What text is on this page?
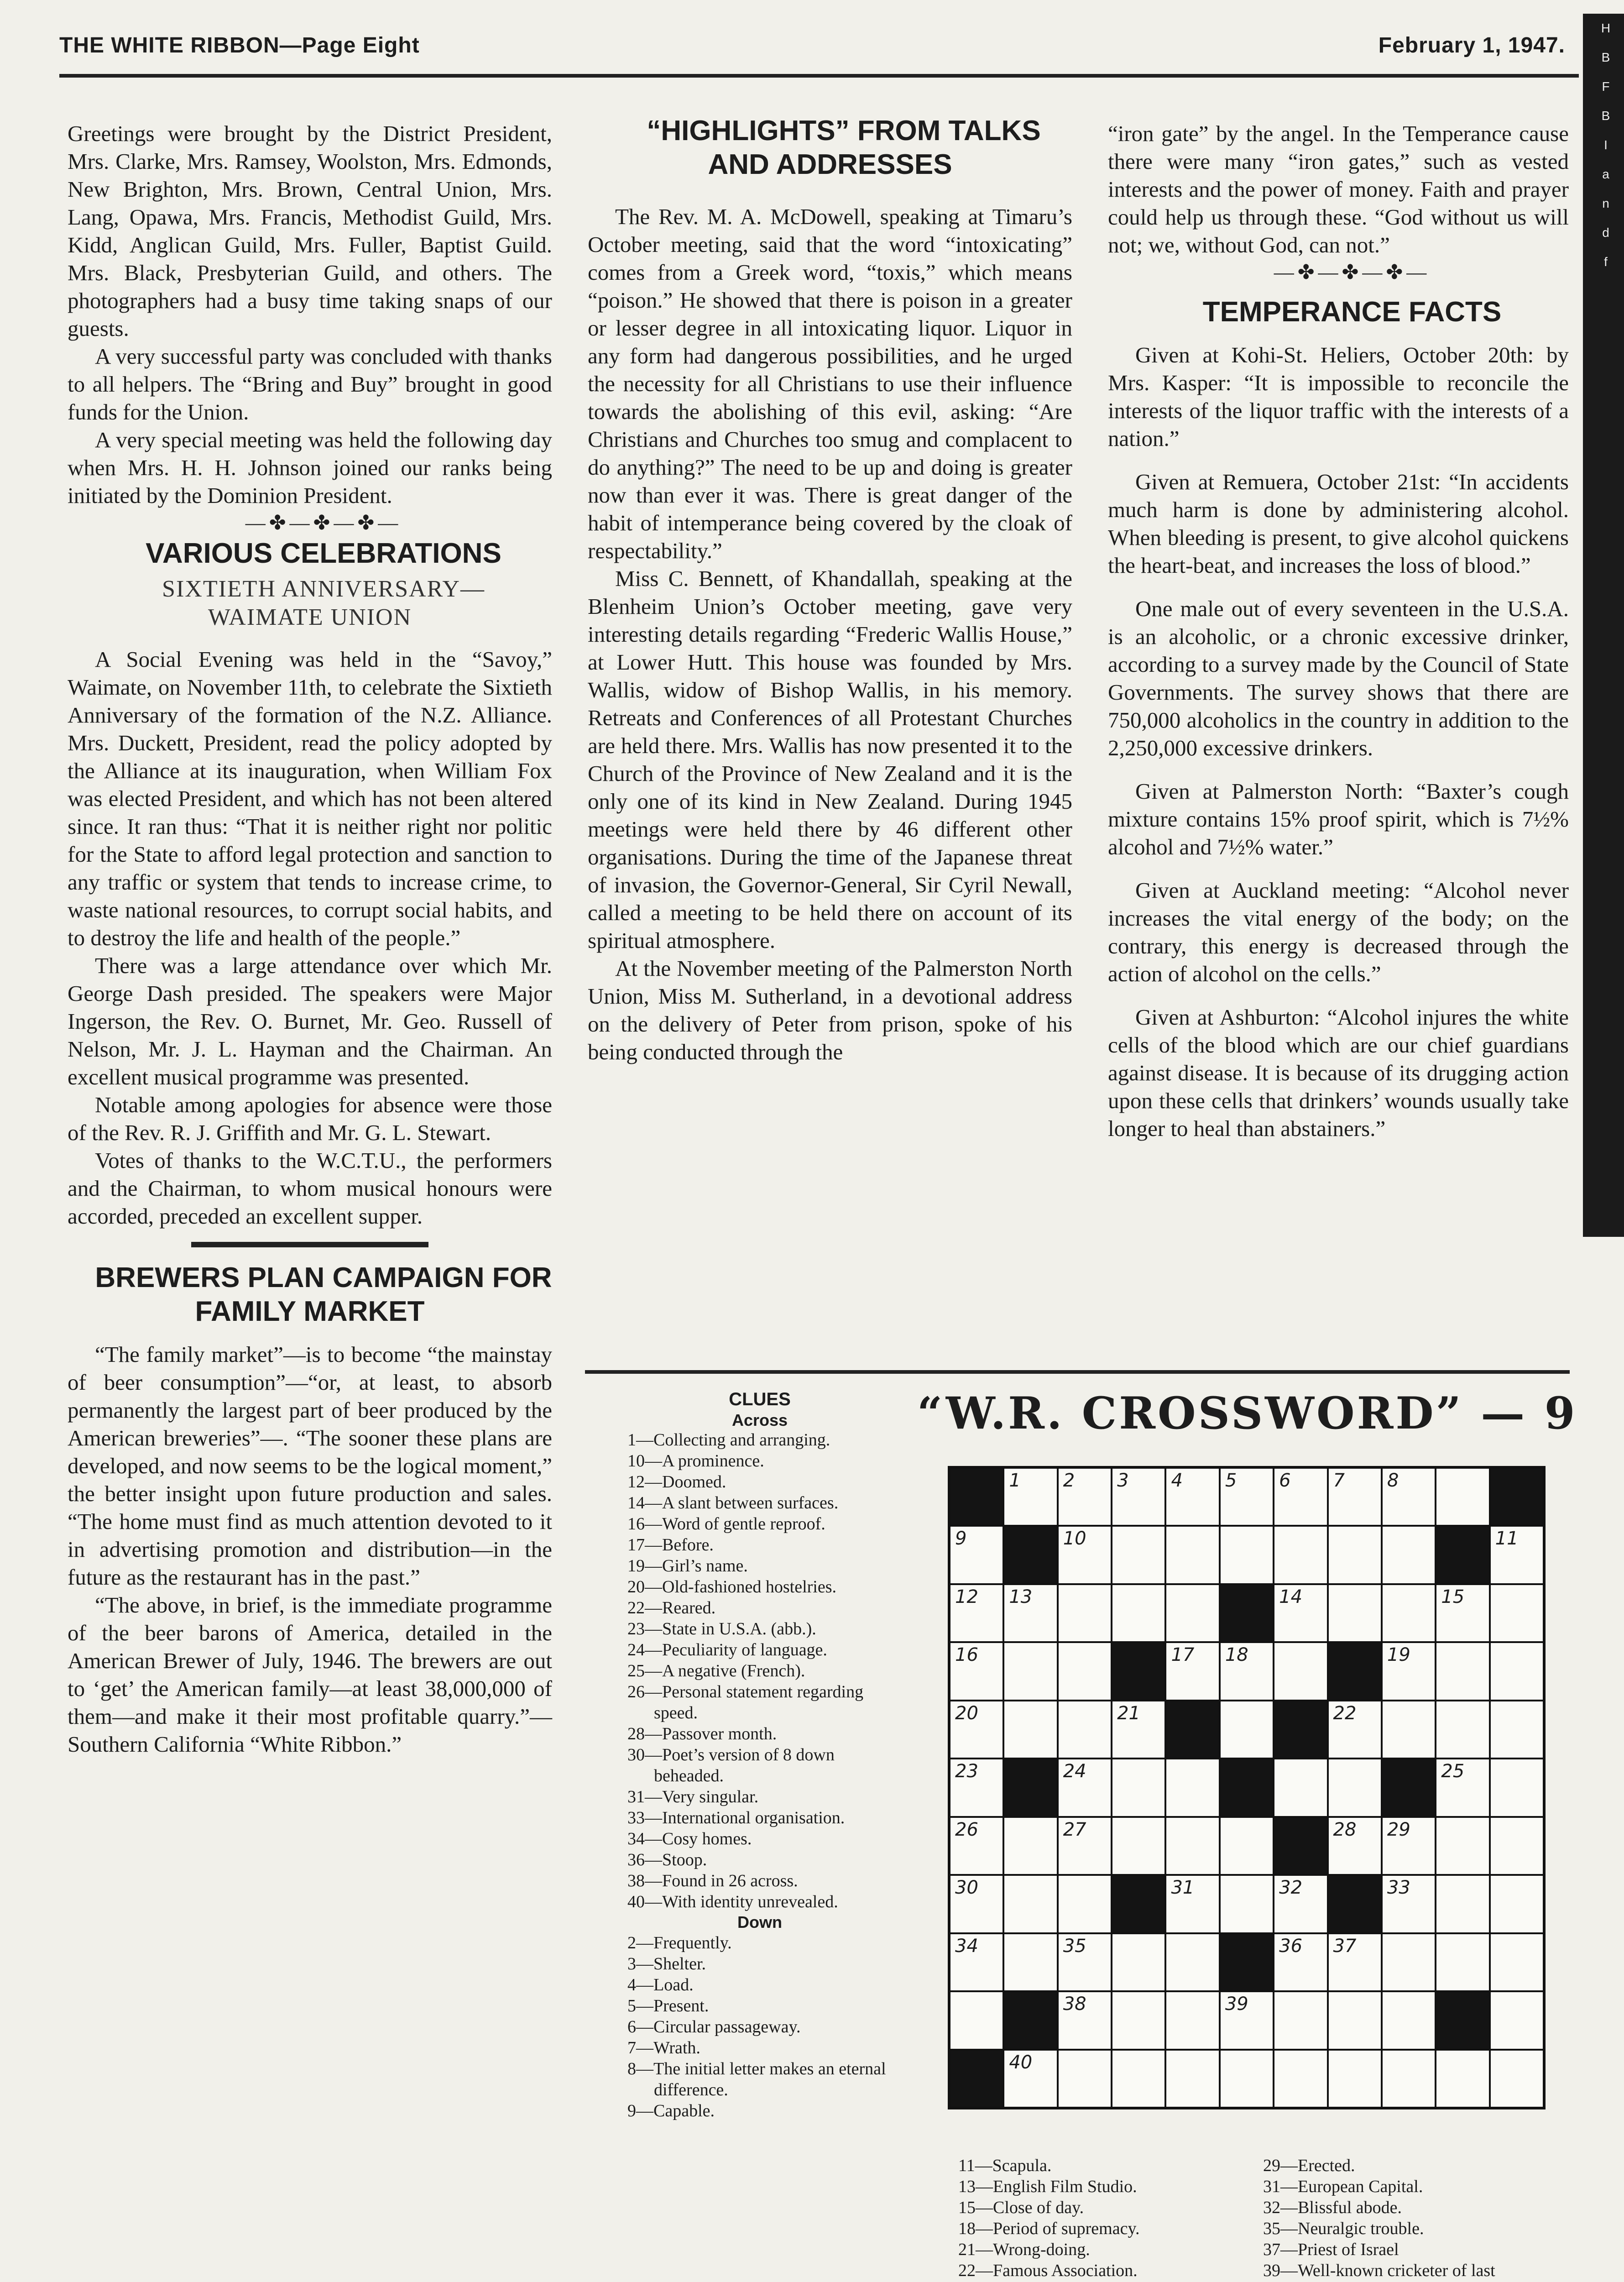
THE WHITE RIBBON—Page Eight	February 1, 1947.
H
B
F
B
I
a
n
d
f

Greetings were brought by the District President, Mrs. Clarke, Mrs. Ramsey, Woolston, Mrs. Edmonds, New Brighton, Mrs. Brown, Central Union, Mrs. Lang, Opawa, Mrs. Francis, Methodist Guild, Mrs. Kidd, Anglican Guild, Mrs. Fuller, Baptist Guild. Mrs. Black, Presbyterian Guild, and others. The photographers had a busy time taking snaps of our guests.

A very successful party was concluded with thanks to all helpers. The “Bring and Buy” brought in good funds for the Union.

A very special meeting was held the following day when Mrs. H. H. Johnson joined our ranks being initiated by the Dominion President.

—✤—✤—✤—

VARIOUS CELEBRATIONS

SIXTIETH ANNIVERSARY— WAIMATE UNION

A Social Evening was held in the “Savoy,” Waimate, on November 11th, to celebrate the Sixtieth Anniversary of the formation of the N.Z. Alliance. Mrs. Duckett, President, read the policy adopted by the Alliance at its inauguration, when William Fox was elected President, and which has not been altered since. It ran thus: “That it is neither right nor politic for the State to afford legal protection and sanction to any traffic or system that tends to increase crime, to waste national resources, to corrupt social habits, and to destroy the life and health of the people.”

There was a large attendance over which Mr. George Dash presided. The speakers were Major Ingerson, the Rev. O. Burnet, Mr. Geo. Russell of Nelson, Mr. J. L. Hayman and the Chairman. An excellent musical programme was presented.

Notable among apologies for absence were those of the Rev. R. J. Griffith and Mr. G. L. Stewart.

Votes of thanks to the W.C.T.U., the performers and the Chairman, to whom musical honours were accorded, preceded an excellent supper.

BREWERS PLAN CAMPAIGN FOR FAMILY MARKET

“The family market”—is to become “the mainstay of beer consumption”—“or, at least, to absorb permanently the largest part of beer produced by the American breweries”—. “The sooner these plans are developed, and now seems to be the logical moment,” the better insight upon future production and sales. “The home must find as much attention devoted to it in advertising promotion and distribution—in the future as the restaurant has in the past.”

“The above, in brief, is the immediate programme of the beer barons of America, detailed in the American Brewer of July, 1946. The brewers are out to ‘get’ the American family—at least 38,000,000 of them—and make it their most profitable quarry.”—Southern California “White Ribbon.”

“HIGHLIGHTS” FROM TALKS AND ADDRESSES

The Rev. M. A. McDowell, speaking at Timaru’s October meeting, said that the word “intoxicating” comes from a Greek word, “toxis,” which means “poison.” He showed that there is poison in a greater or lesser degree in all intoxicating liquor. Liquor in any form had dangerous possibilities, and he urged the necessity for all Christians to use their influence towards the abolishing of this evil, asking: “Are Christians and Churches too smug and complacent to do anything?” The need to be up and doing is greater now than ever it was. There is great danger of the habit of intemperance being covered by the cloak of respectability.”

Miss C. Bennett, of Khandallah, speaking at the Blenheim Union’s October meeting, gave very interesting details regarding “Frederic Wallis House,” at Lower Hutt. This house was founded by Mrs. Wallis, widow of Bishop Wallis, in his memory. Retreats and Conferences of all Protestant Churches are held there. Mrs. Wallis has now presented it to the Church of the Province of New Zealand and it is the only one of its kind in New Zealand. During 1945 meetings were held there by 46 different other organisations. During the time of the Japanese threat of invasion, the Governor-General, Sir Cyril Newall, called a meeting to be held there on account of its spiritual atmosphere.

At the November meeting of the Palmerston North Union, Miss M. Sutherland, in a devotional address on the delivery of Peter from prison, spoke of his being conducted through the

“iron gate” by the angel. In the Temperance cause there were many “iron gates,” such as vested interests and the power of money. Faith and prayer could help us through these. “God without us will not; we, without God, can not.”

—✤—✤—✤—

TEMPERANCE FACTS

Given at Kohi-St. Heliers, October 20th: by Mrs. Kasper: “It is impossible to reconcile the interests of the liquor traffic with the interests of a nation.”

Given at Remuera, October 21st: “In accidents much harm is done by administering alcohol. When bleeding is present, to give alcohol quickens the heart-beat, and increases the loss of blood.”

One male out of every seventeen in the U.S.A. is an alcoholic, or a chronic excessive drinker, according to a survey made by the Council of State Governments. The survey shows that there are 750,000 alcoholics in the country in addition to the 2,250,000 excessive drinkers.

Given at Palmerston North: “Baxter’s cough mixture contains 15% proof spirit, which is 7½% alcohol and 7½% water.”

Given at Auckland meeting: “Alcohol never increases the vital energy of the body; on the contrary, this energy is decreased through the action of alcohol on the cells.”

Given at Ashburton: “Alcohol injures the white cells of the blood which are our chief guardians against disease. It is because of its drugging action upon these cells that drinkers’ wounds usually take longer to heal than abstainers.”

“W.R. CROSSWORD” — 9
CLUES
Across
1—Collecting and arranging.
10—A prominence.
12—Doomed.
14—A slant between surfaces.
16—Word of gentle reproof.
17—Before.
19—Girl’s name.
20—Old-fashioned hostelries.
22—Reared.
23—State in U.S.A. (abb.).
24—Peculiarity of language.
25—A negative (French).
26—Personal statement regarding speed.
28—Passover month.
30—Poet’s version of 8 down beheaded.
31—Very singular.
33—International organisation.
34—Cosy homes.
36—Stoop.
38—Found in 26 across.
40—With identity unrevealed.
Down
2—Frequently.
3—Shelter.
4—Load.
5—Present.
6—Circular passageway.
7—Wrath.
8—The initial letter makes an eternal difference.
9—Capable.
1 2 3 4 5 6 7 8
9	10	11
12 13	14	15
16	17 18	19
20	21	22
23	24	25
26	27	28 29
30	31	32	33
34	35	36 37
38	39
40
11—Scapula.
13—English Film Studio.
15—Close of day.
18—Period of supremacy.
21—Wrong-doing.
22—Famous Association.
29—Erected.
31—European Capital.
32—Blissful abode.
35—Neuralgic trouble.
37—Priest of Israel
39—Well-known cricketer of last
